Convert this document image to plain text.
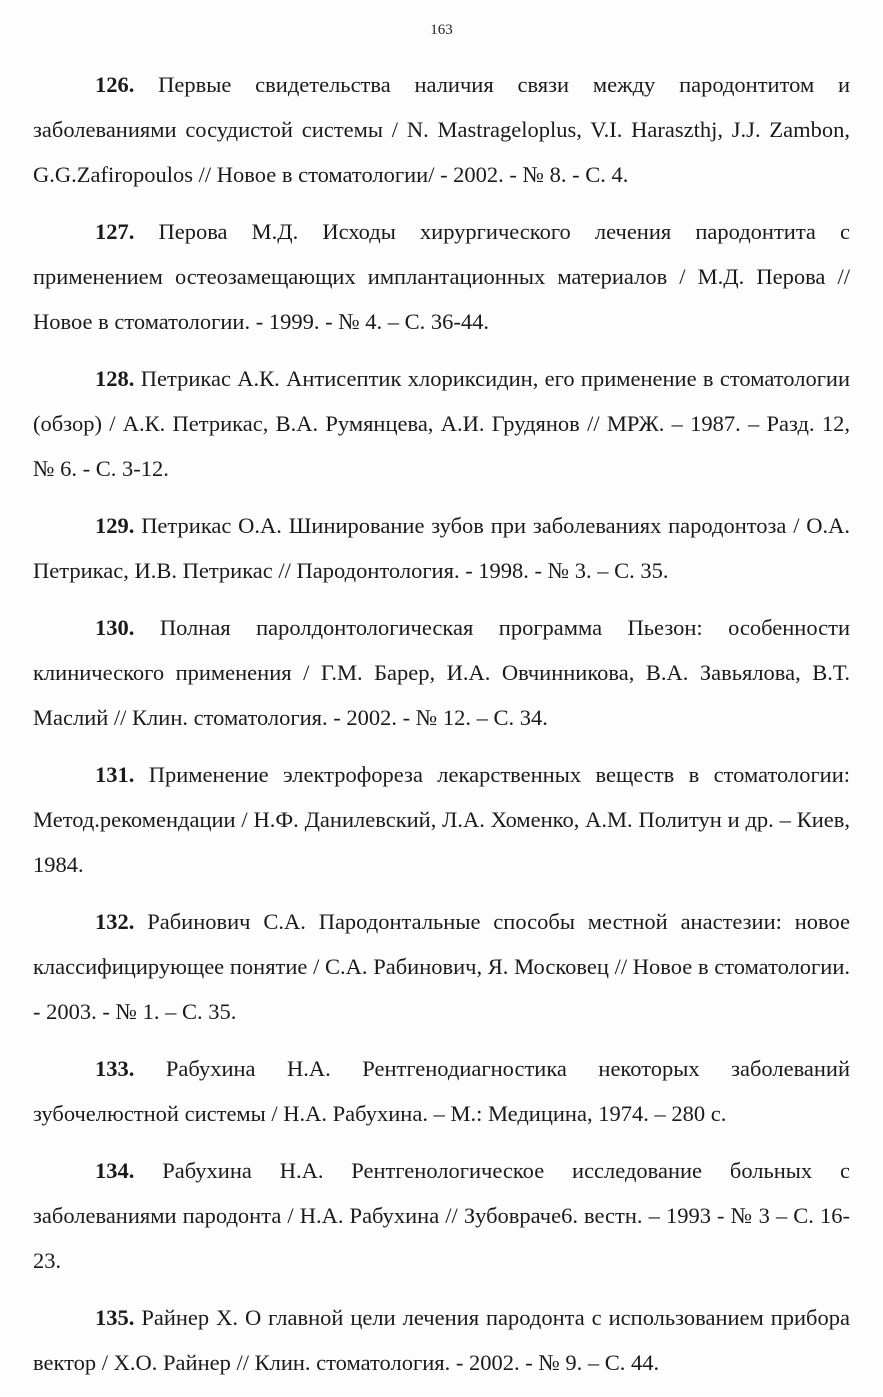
163

126. Первые свидетельства наличия связи между пародонтитом и заболеваниями сосудистой системы / N. Mastrageloplus, V.I. Haraszthj, J.J. Zambon, G.G.Zafiropoulos // Новое в стоматологии/ - 2002. - № 8. - С. 4.

127. Перова М.Д. Исходы хирургического лечения пародонтита с применением остеозамещающих имплантационных материалов / М.Д. Перова // Новое в стоматологии. - 1999. - № 4. – С. 36-44.

128. Петрикас А.К. Антисептик хлориксидин, его применение в стоматологии (обзор) / А.К. Петрикас, В.А. Румянцева, А.И. Грудянов // МРЖ. – 1987. – Разд. 12, № 6. - С. 3-12.

129. Петрикас О.А. Шинирование зубов при заболеваниях пародонтоза / О.А. Петрикас, И.В. Петрикас // Пародонтология. - 1998. - № 3. – С. 35.

130. Полная паролдонтологическая программа Пьезон: особенности клинического применения / Г.М. Барер, И.А. Овчинникова, В.А. Завьялова, В.Т. Маслий // Клин. стоматология. - 2002. - № 12. – С. 34.

131. Применение электрофореза лекарственных веществ в стоматологии: Метод.рекомендации / Н.Ф. Данилевский, Л.А. Хоменко, А.М. Политун и др. – Киев, 1984.

132. Рабинович С.А. Пародонтальные способы местной анастезии: новое классифицирующее понятие / С.А. Рабинович, Я. Московец // Новое в стоматологии. - 2003. - № 1. – С. 35.

133. Рабухина Н.А. Рентгенодиагностика некоторых заболеваний зубочелюстной системы / Н.А. Рабухина. – М.: Медицина, 1974. – 280 с.

134. Рабухина Н.А. Рентгенологическое исследование больных с заболеваниями пародонта / Н.А. Рабухина // Зубовраче6. вестн. – 1993 - № 3 – С. 16-23.

135. Райнер Х. О главной цели лечения пародонта с использованием прибора вектор / Х.О. Райнер // Клин. стоматология. - 2002. - № 9. – С. 44.
